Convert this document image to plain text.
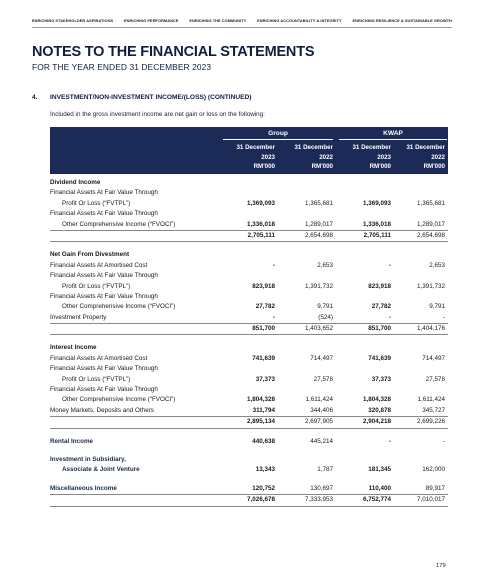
ENRICHING STAKEHOLDER ASPIRATIONS	ENRICHING PERFORMANCE	ENRICHING THE COMMUNITY	ENRICHING ACCOUNTABILITY & INTEGRITY	ENRICHING RESILIENCE & SUSTAINABLE GROWTH
NOTES TO THE FINANCIAL STATEMENTS
FOR THE YEAR ENDED 31 DECEMBER 2023
4. INVESTMENT/NON-INVESTMENT INCOME/(LOSS) (CONTINUED)
Included in the gross investment income are net gain or loss on the following:
Group	KWAP
31 December
2023
RM'000
31 December
2022
RM'000
31 December
2023
RM'000
31 December
2022
RM'000
Dividend Income
Financial Assets At Fair Value Through
Profit Or Loss (“FVTPL”)	1,369,093	1,365,681	1,369,093	1,365,681
Financial Assets At Fair Value Through
Other Comprehensive Income (“FVOCI”)	1,336,018	1,289,017	1,336,018	1,289,017
2,705,111	2,654,698	2,705,111	2,654,698
Net Gain From Divestment
Financial Assets At Amortised Cost	-	2,653	-	2,653
Financial Assets At Fair Value Through
Profit Or Loss (“FVTPL”)	823,918	1,391,732	823,918	1,391,732
Financial Assets At Fair Value Through
Other Comprehensive Income (“FVOCI”)	27,782	9,791	27,782	9,791
Investment Property	-	(524)	-	-
851,700	1,403,652	851,700	1,404,176
Interest Income
Financial Assets At Amortised Cost	741,639	714,497	741,639	714,497
Financial Assets At Fair Value Through
Profit Or Loss (“FVTPL”)	37,373	27,578	37,373	27,578
Financial Assets At Fair Value Through
Other Comprehensive Income (“FVOCI”)	1,804,328	1,611,424	1,804,328	1,611,424
Money Markets, Deposits and Others	311,794	344,406	320,878	345,727
2,895,134	2,697,905	2,904,218	2,699,226
Rental Income	440,638	445,214	-	-
Investment in Subsidiary,
Associate & Joint Venture	13,343	1,787	181,345	162,000
Miscellaneous Income	120,752	130,697	110,400	89,917
7,026,678	7,333,953	6,752,774	7,010,017
179
